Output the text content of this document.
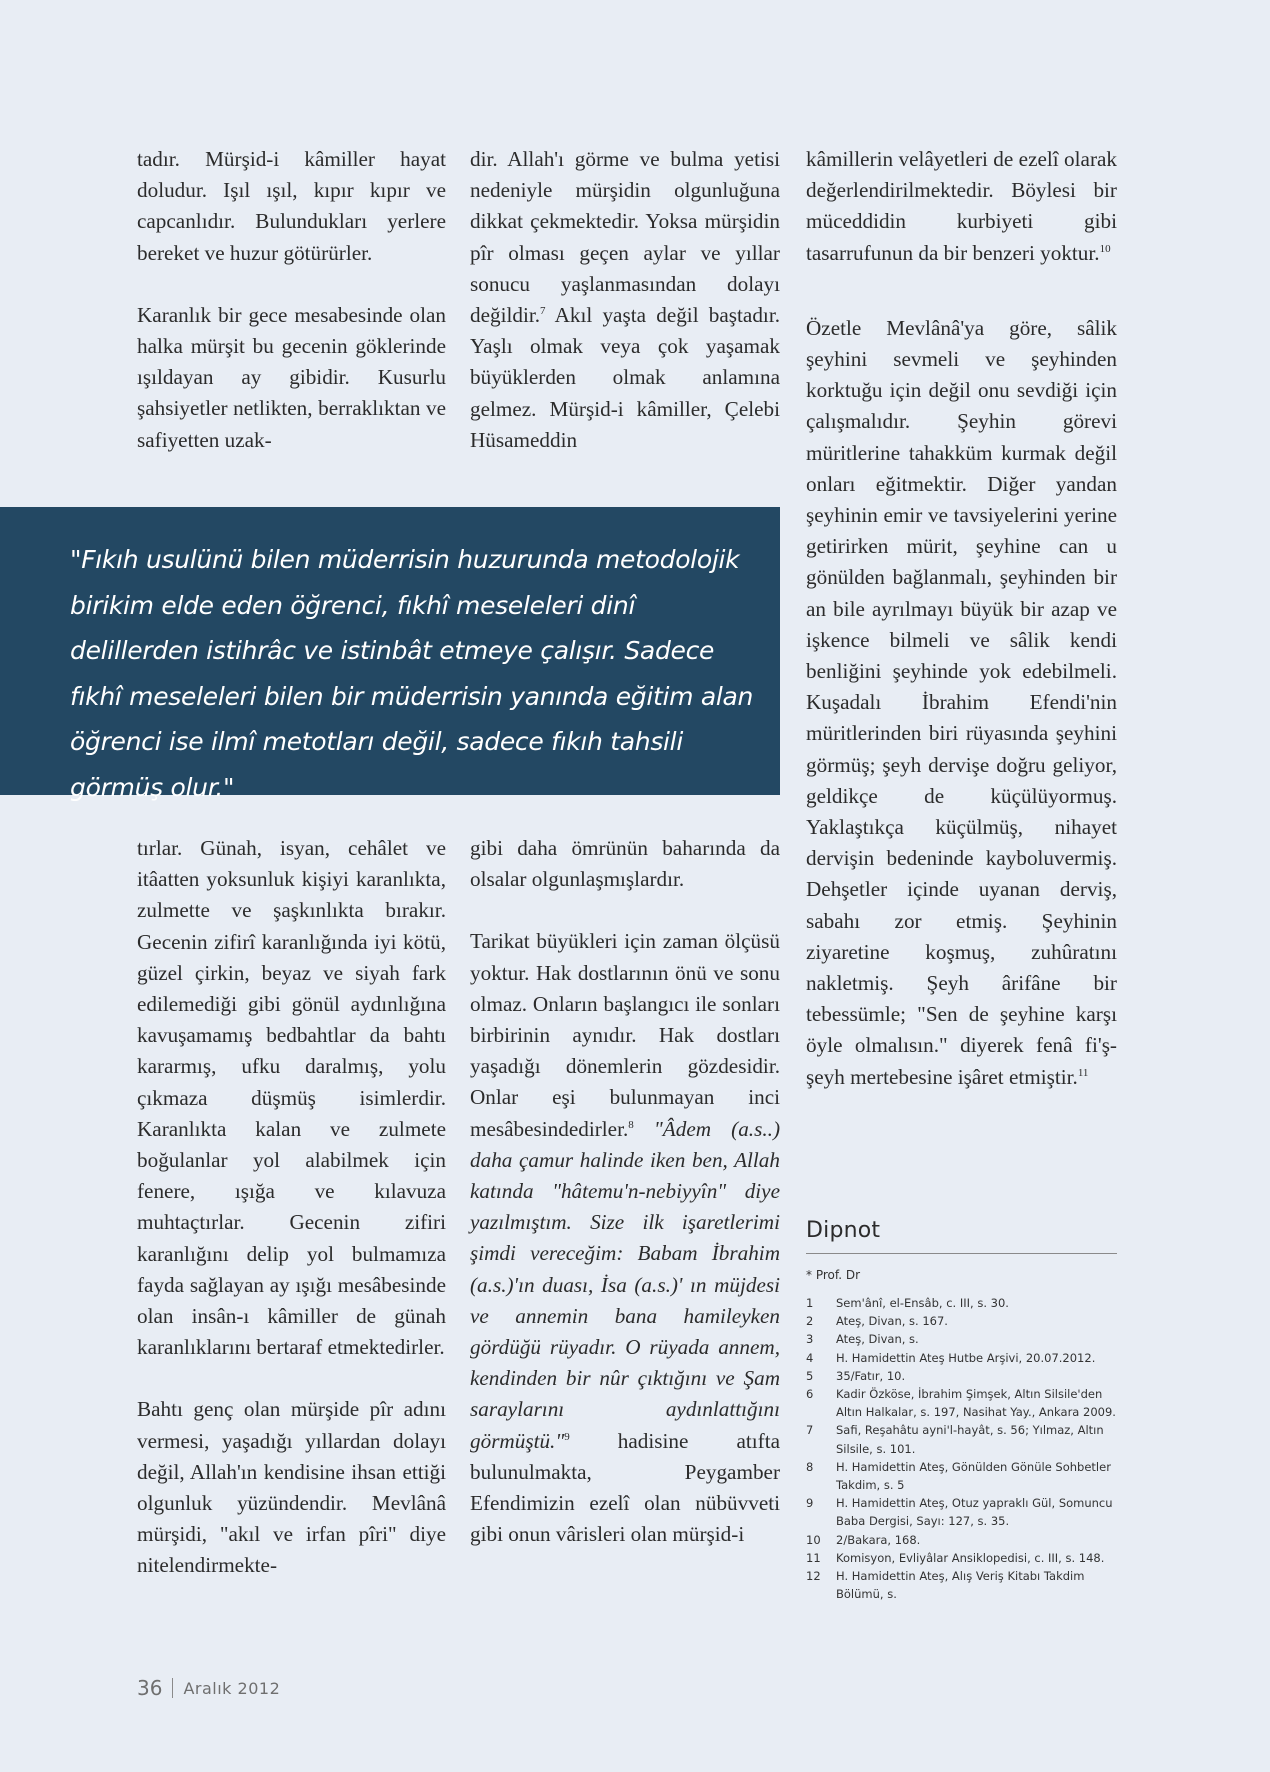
tadır. Mürşid-i kâmiller hayat doludur. Işıl ışıl, kıpır kıpır ve capcanlıdır. Bulundukları yerlere bereket ve huzur götürürler.

Karanlık bir gece mesabesinde olan halka mürşit bu gecenin göklerinde ışıldayan ay gibidir. Kusurlu şahsiyetler netlikten, berraklıktan ve safiyetten uzak-

dir. Allah'ı görme ve bulma yetisi nedeniyle mürşidin olgunluğuna dikkat çekmektedir. Yoksa mürşidin pîr olması geçen aylar ve yıllar sonucu yaşlanmasından dolayı değildir.$^7$ Akıl yaşta değil baştadır. Yaşlı olmak veya çok yaşamak büyüklerden olmak anlamına gelmez. Mürşid-i kâmiller, Çelebi Hüsameddin

kâmillerin velâyetleri de ezelî olarak değerlendirilmektedir. Böylesi bir müceddidin kurbiyeti gibi tasarrufunun da bir benzeri yoktur.$^{10}$

Özetle Mevlânâ'ya göre, sâlik şeyhini sevmeli ve şeyhinden korktuğu için değil onu sevdiği için çalışmalıdır. Şeyhin görevi müritlerine tahakküm kurmak değil onları eğitmektir. Diğer yandan şeyhinin emir ve tavsiyelerini yerine getirirken mürit, şeyhine can u gönülden bağlanmalı, şeyhinden bir an bile ayrılmayı büyük bir azap ve işkence bilmeli ve sâlik kendi benliğini şeyhinde yok edebilmeli. Kuşadalı İbrahim Efendi'nin müritlerinden biri rüyasında şeyhini görmüş; şeyh dervişe doğru geliyor, geldikçe de küçülüyormuş. Yaklaştıkça küçülmüş, nihayet dervişin bedeninde kayboluvermiş. Dehşetler içinde uyanan derviş, sabahı zor etmiş. Şeyhinin ziyaretine koşmuş, zuhûratını nakletmiş. Şeyh ârifâne bir tebessümle; "Sen de şeyhine karşı öyle olmalısın." diyerek fenâ fi'ş-şeyh mertebesine işâret etmiştir.$^{11}$

"Fıkıh usulünü bilen müderrisin huzurunda metodolojik birikim elde eden öğrenci, fıkhî meseleleri dinî delillerden istihrâc ve istinbât etmeye çalışır. Sadece fıkhî meseleleri bilen bir müderrisin yanında eğitim alan öğrenci ise ilmî metotları değil, sadece fıkıh tahsili görmüş olur."

tırlar. Günah, isyan, cehâlet ve itâatten yoksunluk kişiyi karanlıkta, zulmette ve şaşkınlıkta bırakır. Gecenin zifirî karanlığında iyi kötü, güzel çirkin, beyaz ve siyah fark edilemediği gibi gönül aydınlığına kavuşamamış bedbahtlar da bahtı kararmış, ufku daralmış, yolu çıkmaza düşmüş isimlerdir. Karanlıkta kalan ve zulmete boğulanlar yol alabilmek için fenere, ışığa ve kılavuza muhtaçtırlar. Gecenin zifiri karanlığını delip yol bulmamıza fayda sağlayan ay ışığı mesâbesinde olan insân-ı kâmiller de günah karanlıklarını bertaraf etmektedirler.

Bahtı genç olan mürşide pîr adını vermesi, yaşadığı yıllardan dolayı değil, Allah'ın kendisine ihsan ettiği olgunluk yüzündendir. Mevlânâ mürşidi, "akıl ve irfan pîri" diye nitelendirmekte-

gibi daha ömrünün baharında da olsalar olgunlaşmışlardır.

Tarikat büyükleri için zaman ölçüsü yoktur. Hak dostlarının önü ve sonu olmaz. Onların başlangıcı ile sonları birbirinin aynıdır. Hak dostları yaşadığı dönemlerin gözdesidir. Onlar eşi bulunmayan inci mesâbesindedirler.$^8$ "Âdem (a.s..) daha çamur halinde iken ben, Allah katında "hâtemu'n-nebiyyîn" diye yazılmıştım. Size ilk işaretlerimi şimdi vereceğim: Babam İbrahim (a.s.)'ın duası, İsa (a.s.)' ın müjdesi ve annemin bana hamileyken gördüğü rüyadır. O rüyada annem, kendinden bir nûr çıktığını ve Şam saraylarını aydınlattığını görmüştü."$^9$ hadisine atıfta bulunulmakta, Peygamber Efendimizin ezelî olan nübüvveti gibi onun vârisleri olan mürşid-i

Dipnot
* Prof. Dr
1	Sem'ânî, el-Ensâb, c. III, s. 30.
2	Ateş, Divan, s. 167.
3	Ateş, Divan, s.
4	H. Hamidettin Ateş Hutbe Arşivi, 20.07.2012.
5	35/Fatır, 10.
6	Kadir Özköse, İbrahim Şimşek, Altın Silsile'den Altın Halkalar, s. 197, Nasihat Yay., Ankara 2009.
7	Safi, Reşahâtu ayni'l-hayât, s. 56; Yılmaz, Altın Silsile, s. 101.
8	H. Hamidettin Ateş, Gönülden Gönüle Sohbetler Takdim, s. 5
9	H. Hamidettin Ateş, Otuz yapraklı Gül, Somuncu Baba Dergisi, Sayı: 127, s. 35.
10	2/Bakara, 168.
11	Komisyon, Evliyâlar Ansiklopedisi, c. III, s. 148.
12	H. Hamidettin Ateş, Alış Veriş Kitabı Takdim Bölümü, s.
36 Aralık 2012
